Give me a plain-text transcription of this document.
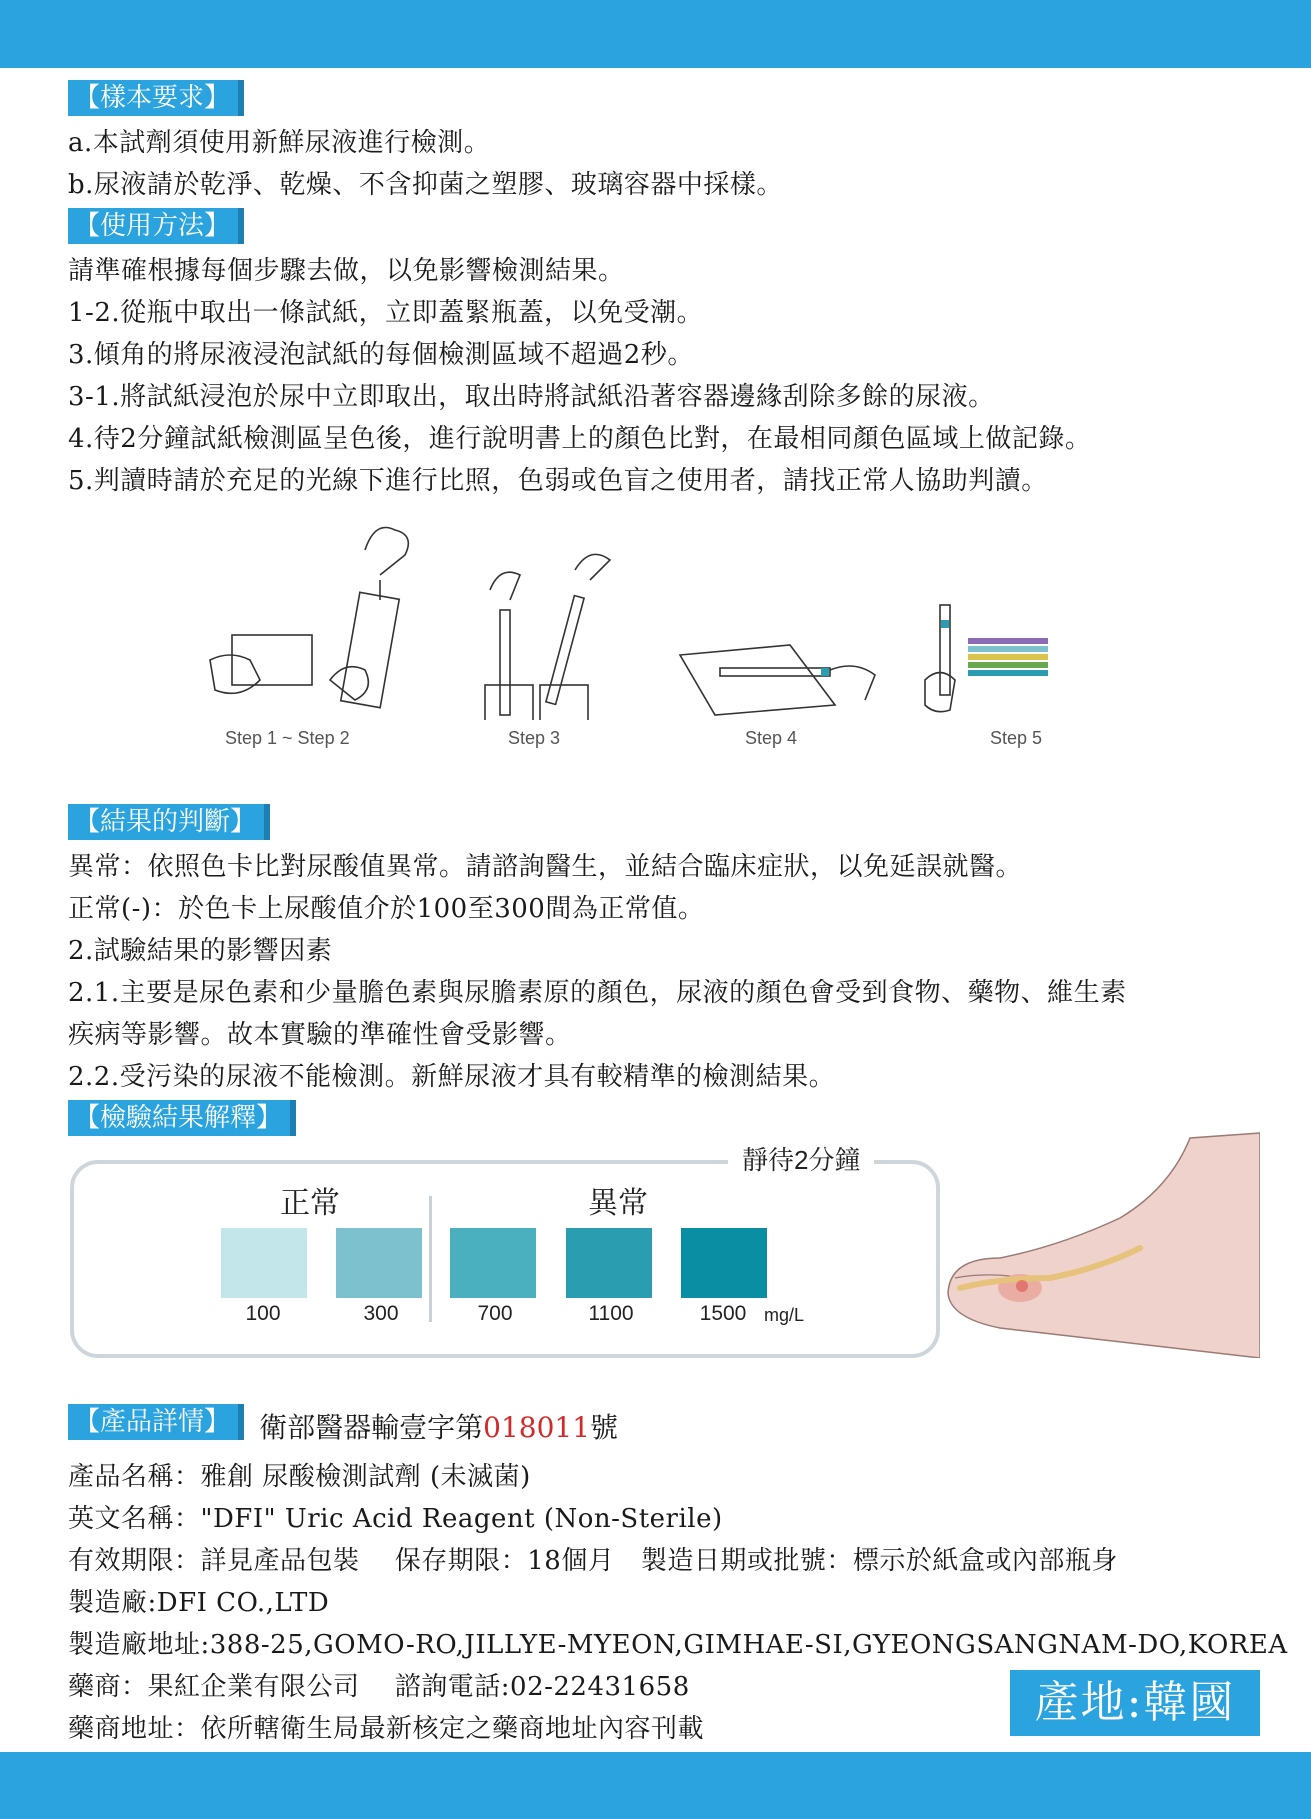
【樣本要求】
a.本試劑須使用新鮮尿液進行檢測。
b.尿液請於乾淨、乾燥、不含抑菌之塑膠、玻璃容器中採樣。
【使用方法】
請準確根據每個步驟去做，以免影響檢測結果。
1-2.從瓶中取出一條試紙，立即蓋緊瓶蓋，以免受潮。
3.傾角的將尿液浸泡試紙的每個檢測區域不超過2秒。
3-1.將試紙浸泡於尿中立即取出，取出時將試紙沿著容器邊緣刮除多餘的尿液。
4.待2分鐘試紙檢測區呈色後，進行說明書上的顏色比對，在最相同顏色區域上做記錄。
5.判讀時請於充足的光線下進行比照，色弱或色盲之使用者，請找正常人協助判讀。
【結果的判斷】
異常：依照色卡比對尿酸值異常。請諮詢醫生，並結合臨床症狀，以免延誤就醫。
正常(-)：於色卡上尿酸值介於100至300間為正常值。
2.試驗結果的影響因素
2.1.主要是尿色素和少量膽色素與尿膽素原的顏色，尿液的顏色會受到食物、藥物、維生素
疾病等影響。故本實驗的準確性會受影響。
2.2.受污染的尿液不能檢測。新鮮尿液才具有較精準的檢測結果。
【檢驗結果解釋】
【產品詳情】 衛部醫器輸壹字第018011號
產品名稱：雅創 尿酸檢測試劑 (未滅菌)
英文名稱："DFI" Uric Acid Reagent (Non-Sterile)
有效期限：詳見產品包裝　 保存期限：18個月　製造日期或批號：標示於紙盒或內部瓶身
製造廠:DFI CO.,LTD
製造廠地址:388-25,GOMO-RO,JILLYE-MYEON,GIMHAE-SI,GYEONGSANGNAM-DO,KOREA
藥商：果紅企業有限公司　 諮詢電話:02-22431658
藥商地址：依所轄衛生局最新核定之藥商地址內容刊載
Step 1 ~ Step 2	Step 3	Step 4	Step 5
靜待2分鐘
正常	異常
100	300	700	1100	1500 mg/L
產地:韓國
